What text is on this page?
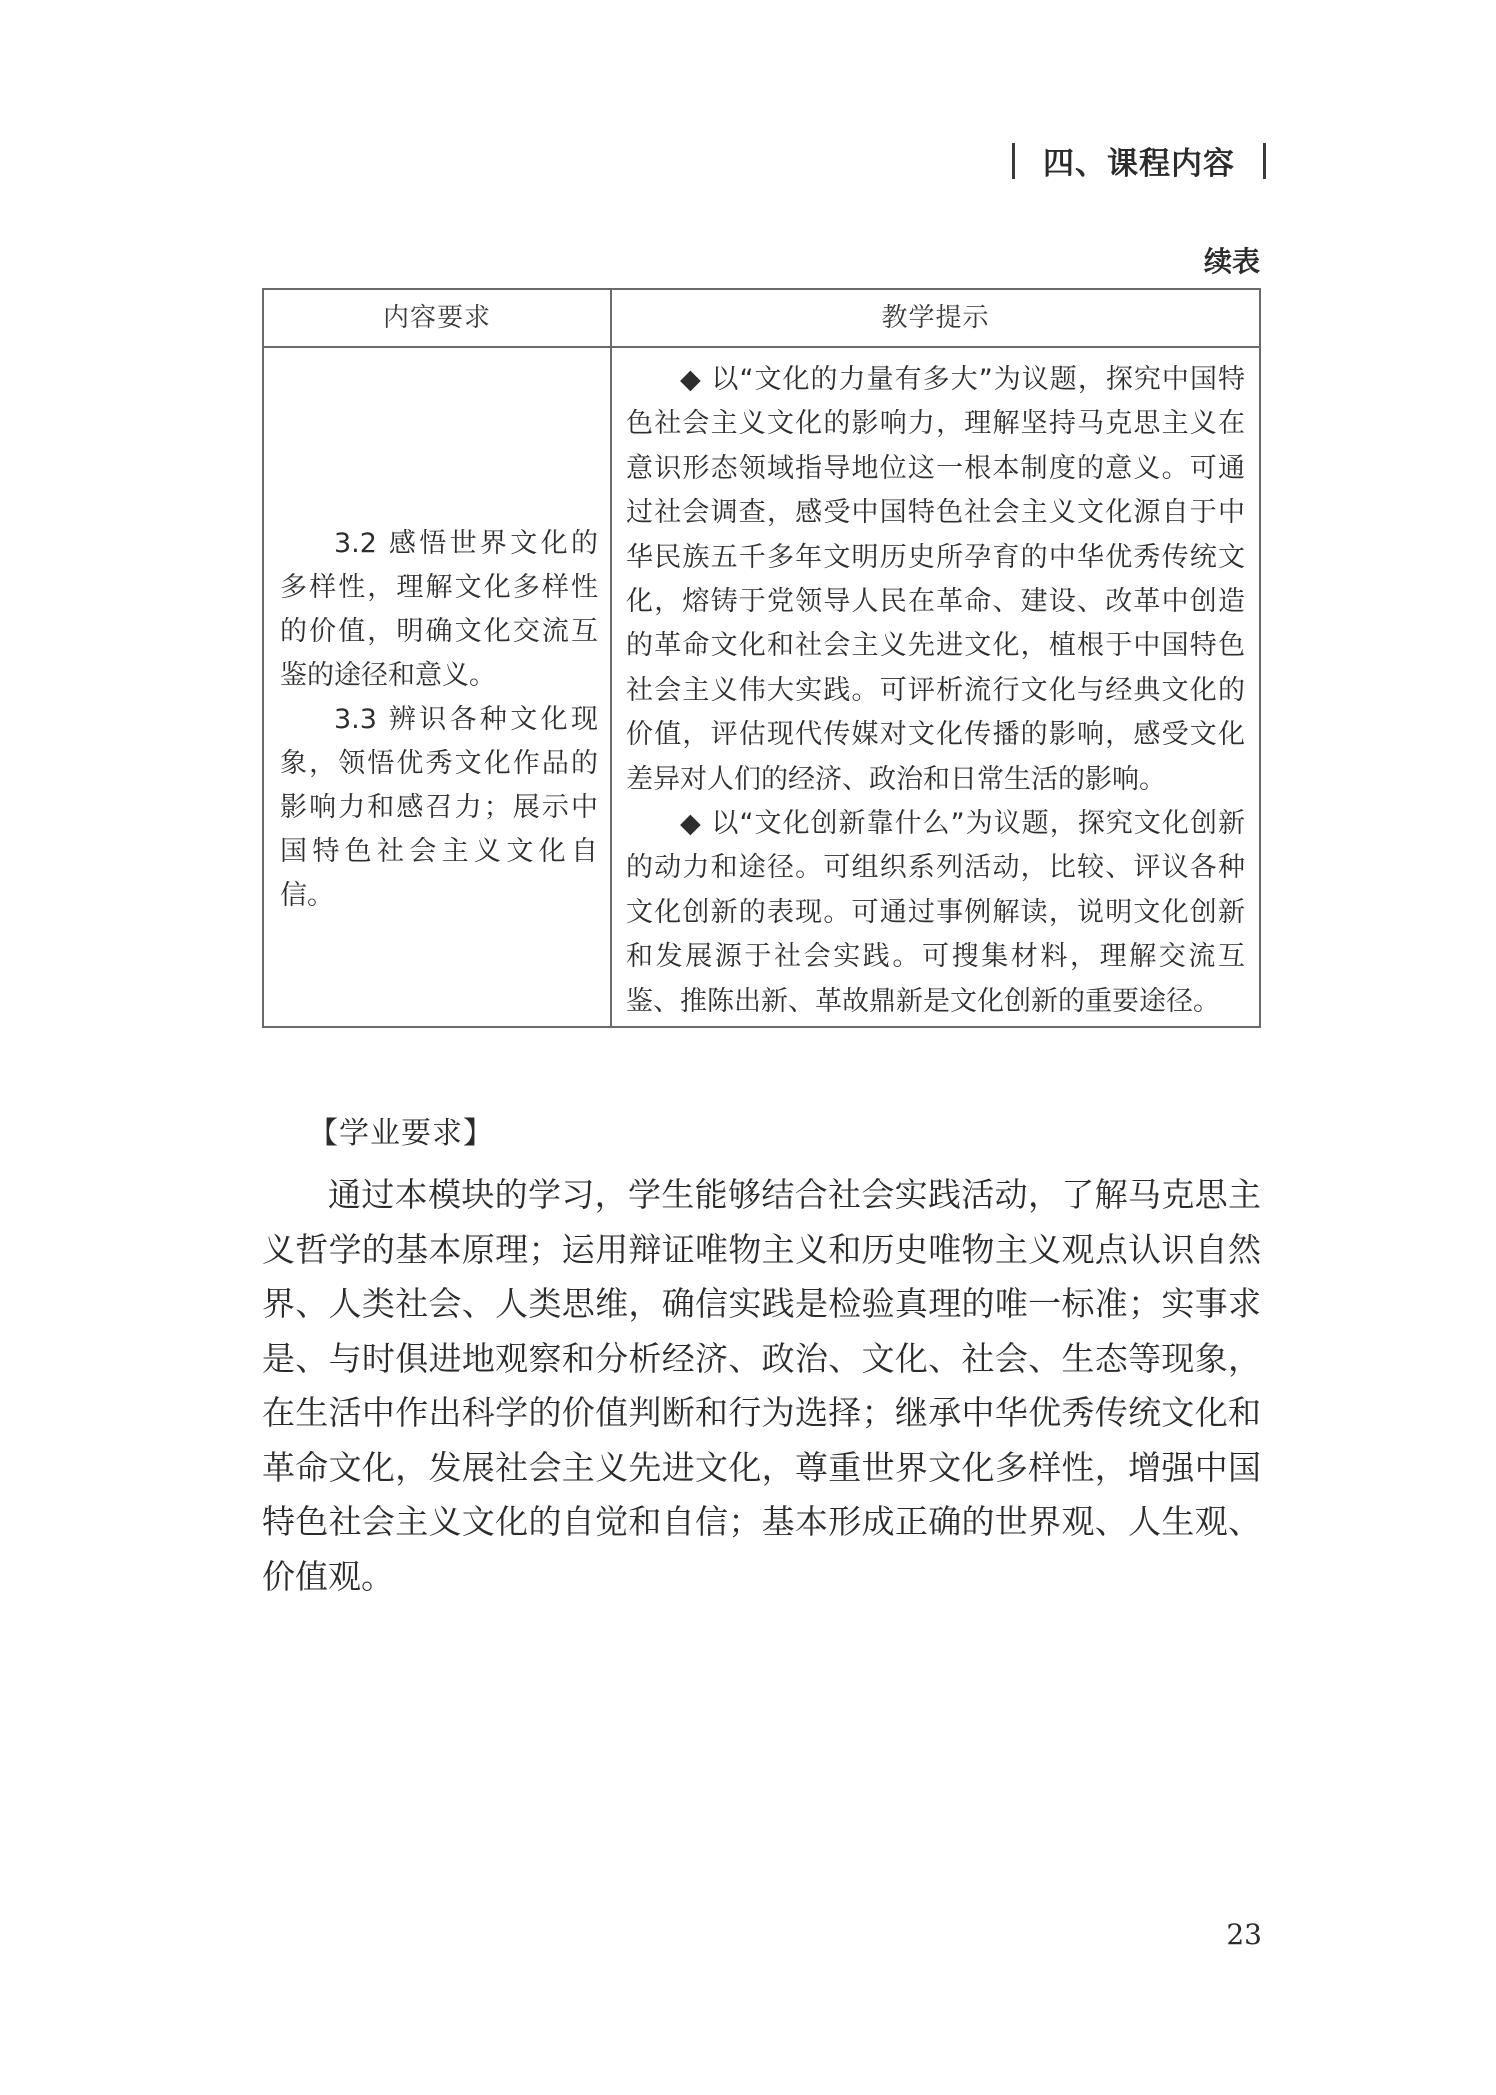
四、课程内容
续表
内容要求	教学提示

3.2 感悟世界文化的多样性，理解文化多样性的价值，明确文化交流互鉴的途径和意义。

3.3 辨识各种文化现象，领悟优秀文化作品的影响力和感召力；展示中国特色社会主义文化自信。

◆ 以“文化的力量有多大”为议题，探究中国特色社会主义文化的影响力，理解坚持马克思主义在意识形态领域指导地位这一根本制度的意义。可通过社会调查，感受中国特色社会主义文化源自于中华民族五千多年文明历史所孕育的中华优秀传统文化，熔铸于党领导人民在革命、建设、改革中创造的革命文化和社会主义先进文化，植根于中国特色社会主义伟大实践。可评析流行文化与经典文化的价值，评估现代传媒对文化传播的影响，感受文化差异对人们的经济、政治和日常生活的影响。

◆ 以“文化创新靠什么”为议题，探究文化创新的动力和途径。可组织系列活动，比较、评议各种文化创新的表现。可通过事例解读，说明文化创新和发展源于社会实践。可搜集材料，理解交流互鉴、推陈出新、革故鼎新是文化创新的重要途径。

【学业要求】

通过本模块的学习，学生能够结合社会实践活动，了解马克思主义哲学的基本原理；运用辩证唯物主义和历史唯物主义观点认识自然界、人类社会、人类思维，确信实践是检验真理的唯一标准；实事求是、与时俱进地观察和分析经济、政治、文化、社会、生态等现象，在生活中作出科学的价值判断和行为选择；继承中华优秀传统文化和革命文化，发展社会主义先进文化，尊重世界文化多样性，增强中国特色社会主义文化的自觉和自信；基本形成正确的世界观、人生观、价值观。

23
